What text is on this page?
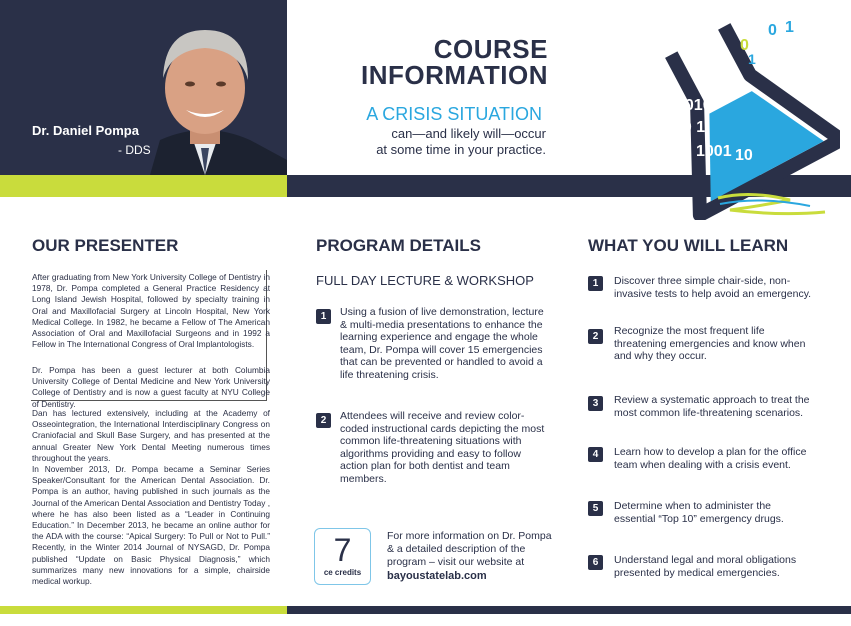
Dr. Daniel Pompa
- DDS
COURSE
INFORMATION
A CRISIS SITUATION
can—and likely will—occur
at some time in your practice.
0 1
0
1
0010
10 1
1001
1 0	10
OUR PRESENTER

After graduating from New York University College of Dentistry in 1978, Dr. Pompa completed a General Practice Residency at Long Island Jewish Hospital, followed by specialty training in Oral and Maxillofacial Surgery at Lincoln Hospital, New York Medical College. In 1982, he became a Fellow of The American Association of Oral and Maxillofacial Surgeons and in 1992 a Fellow in The International Congress of Oral Implantologists.

Dr. Pompa has been a guest lecturer at both Columbia University College of Dental Medicine and New York University College of Dentistry and is now a guest faculty at NYU College of Dentistry.

Dan has lectured extensively, including at the Academy of Osseointegration, the International Interdisciplinary Congress on Craniofacial and Skull Base Surgery, and has presented at the annual Greater New York Dental Meeting numerous times throughout the years.

In November 2013, Dr. Pompa became a Seminar Series Speaker/Consultant for the American Dental Association. Dr. Pompa is an author, having published in such journals as the Journal of the American Dental Association and Dentistry Today , where he has also been listed as a “Leader in Continuing Education.” In December 2013, he became an online author for the ADA with the course: “Apical Surgery: To Pull or Not to Pull.” Recently, in the Winter 2014 Journal of NYSAGD, Dr. Pompa published “Update on Basic Physical Diagnosis,” which summarizes many new innovations for a simple, chairside medical workup.

PROGRAM DETAILS
FULL DAY LECTURE & WORKSHOP
1	Using a fusion of live demonstration, lecture & multi-media presentations to enhance the learning experience and engage the whole team, Dr. Pompa will cover 15 emergencies that can be prevented or handled to avoid a life threatening crisis.

2	Attendees will receive and review color-coded instructional cards depicting the most common life-threatening situations with algorithms providing and easy to follow action plan for both dentist and team members.

7
ce credits
For more information on Dr. Pompa & a detailed description of the program – visit our website at
bayoustatelab.com
WHAT YOU WILL LEARN
1	Discover three simple chair-side, non-invasive tests to help avoid an emergency.

2	Recognize the most frequent life threatening emergencies and know when and why they occur.

3	Review a systematic approach to treat the most common life-threatening scenarios.

4	Learn how to develop a plan for the office team when dealing with a crisis event.

5	Determine when to administer the essential “Top 10” emergency drugs.

6	Understand legal and moral obligations presented by medical emergencies.
